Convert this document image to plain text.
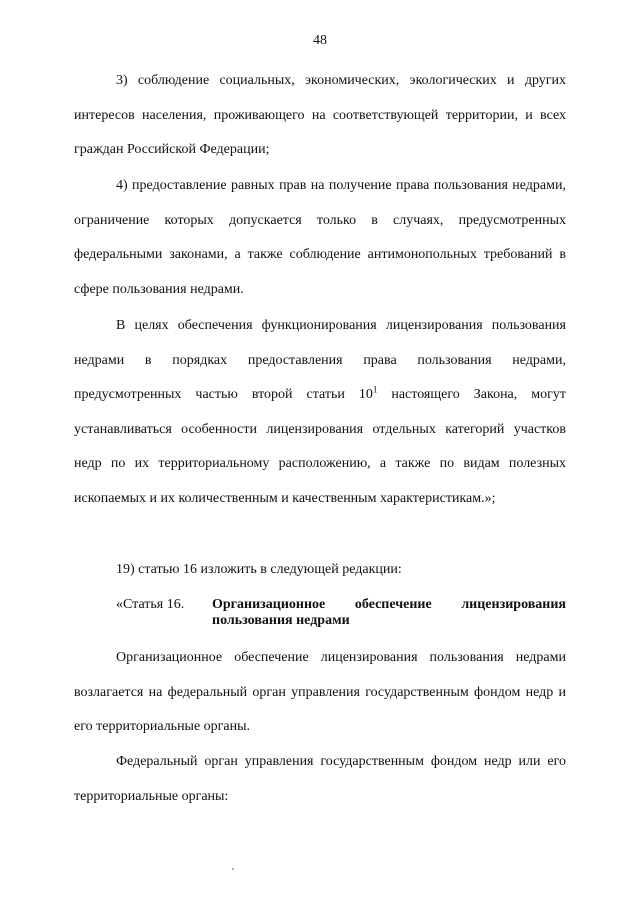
48

3) соблюдение социальных, экономических, экологических и других интересов населения, проживающего на соответствующей территории, и всех граждан Российской Федерации;

4) предоставление равных прав на получение права пользования недрами, ограничение которых допускается только в случаях, предусмотренных федеральными законами, а также соблюдение антимонопольных требований в сфере пользования недрами.

В целях обеспечения функционирования лицензирования пользования недрами в порядках предоставления права пользования недрами, предусмотренных частью второй статьи $10^1$ настоящего Закона, могут устанавливаться особенности лицензирования отдельных категорий участков недр по их территориальному расположению, а также по видам полезных ископаемых и их количественным и качественным характеристикам.»;

19) статью 16 изложить в следующей редакции:

«Статья 16. Организационное обеспечение лицензирования пользования недрами

Организационное обеспечение лицензирования пользования недрами возлагается на федеральный орган управления государственным фондом недр и его территориальные органы.

Федеральный орган управления государственным фондом недр или его территориальные органы:
